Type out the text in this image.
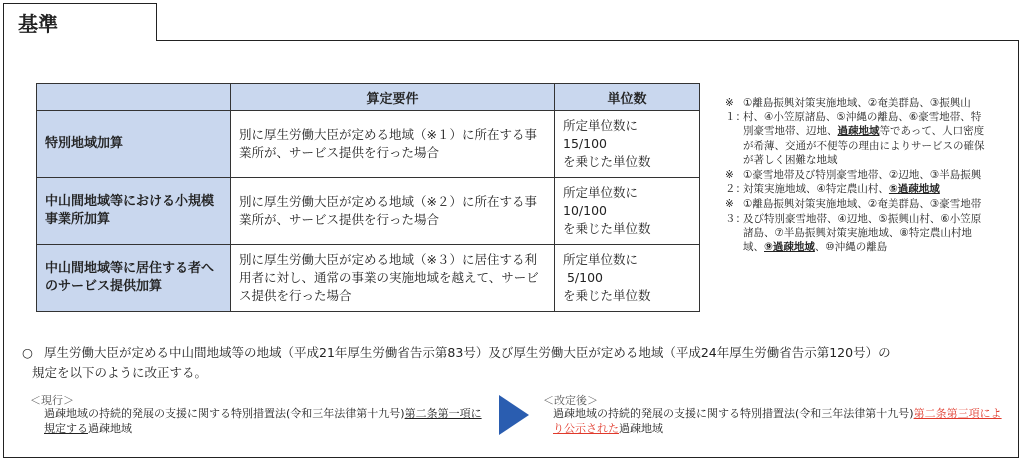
基準
	算定要件	単位数
特別地域加算	別に厚生労働大臣が定める地域（※１）に所在する事業所が、サービス提供を行った場合	所定単位数に
15/100
を乗じた単位数

中山間地域等における小規模事業所加算	別に厚生労働大臣が定める地域（※２）に所在する事業所が、サービス提供を行った場合	所定単位数に
10/100
を乗じた単位数

中山間地域等に居住する者へのサービス提供加算	別に厚生労働大臣が定める地域（※３）に居住する利用者に対し、通常の事業の実施地域を越えて、サービス提供を行った場合	所定単位数に
5/100
を乗じた単位数
※１：
①離島振興対策実施地域、②奄美群島、③振興山村、④小笠原諸島、⑤沖縄の離島、⑥豪雪地帯、特別豪雪地帯、辺地、過疎地域等であって、人口密度が希薄、交通が不便等の理由によりサービスの確保が著しく困難な地域
※２：
①豪雪地帯及び特別豪雪地帯、②辺地、③半島振興対策実施地域、④特定農山村、⑤過疎地域
※３：
①離島振興対策実施地域、②奄美群島、③豪雪地帯及び特別豪雪地帯、④辺地、⑤振興山村、⑥小笠原諸島、⑦半島振興対策実施地域、⑧特定農山村地域、⑨過疎地域、⑩沖縄の離島
○ 厚生労働大臣が定める中山間地域等の地域（平成21年厚生労働省告示第83号）及び厚生労働大臣が定める地域（平成24年厚生労働省告示第120号）の
規定を以下のように改正する。
＜現行＞
過疎地域の持続的発展の支援に関する特別措置法(令和三年法律第十九号)第二条第一項に規定する過疎地域
＜改定後＞
過疎地域の持続的発展の支援に関する特別措置法(令和三年法律第十九号)第二条第三項により公示された過疎地域
